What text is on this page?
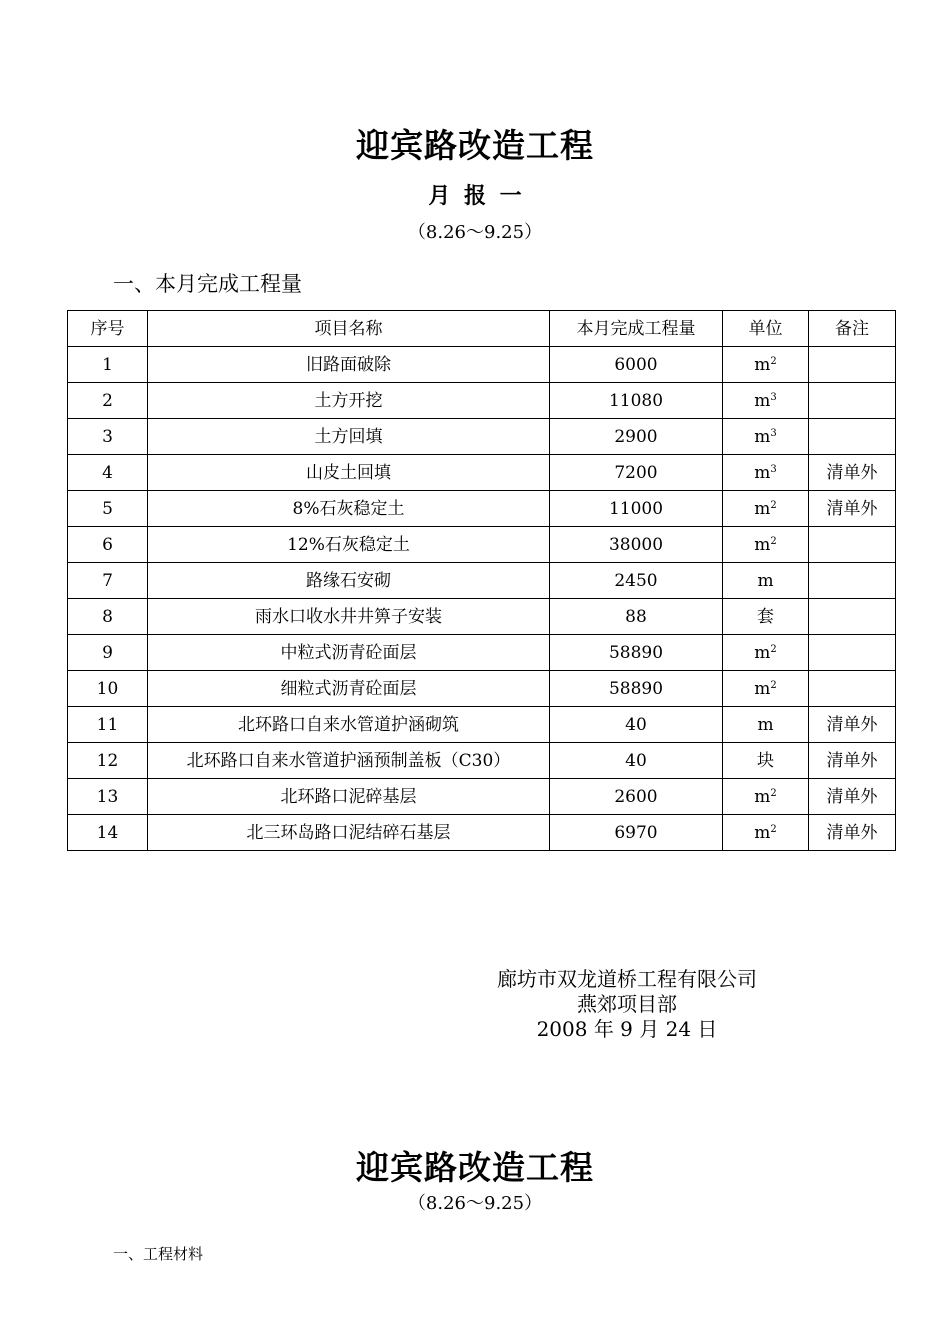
迎宾路改造工程
月 报 一
（8.26～9.25）
一、本月完成工程量
序号	项目名称	本月完成工程量	单位	备注
1	旧路面破除	6000	$m^2$	
2	土方开挖	11080	$m^3$	
3	土方回填	2900	$m^3$	
4	山皮土回填	7200	$m^3$	清单外
5	8%石灰稳定土	11000	$m^2$	清单外
6	12%石灰稳定土	38000	$m^2$	
7	路缘石安砌	2450	m	
8	雨水口收水井井箅子安装	88	套	
9	中粒式沥青砼面层	58890	$m^2$	
10	细粒式沥青砼面层	58890	$m^2$	
11	北环路口自来水管道护涵砌筑	40	m	清单外
12	北环路口自来水管道护涵预制盖板（C30）	40	块	清单外
13	北环路口泥碎基层	2600	$m^2$	清单外
14	北三环岛路口泥结碎石基层	6970	$m^2$	清单外
廊坊市双龙道桥工程有限公司
燕郊项目部
2008 年 9 月 24 日
迎宾路改造工程
（8.26～9.25）
一、工程材料
